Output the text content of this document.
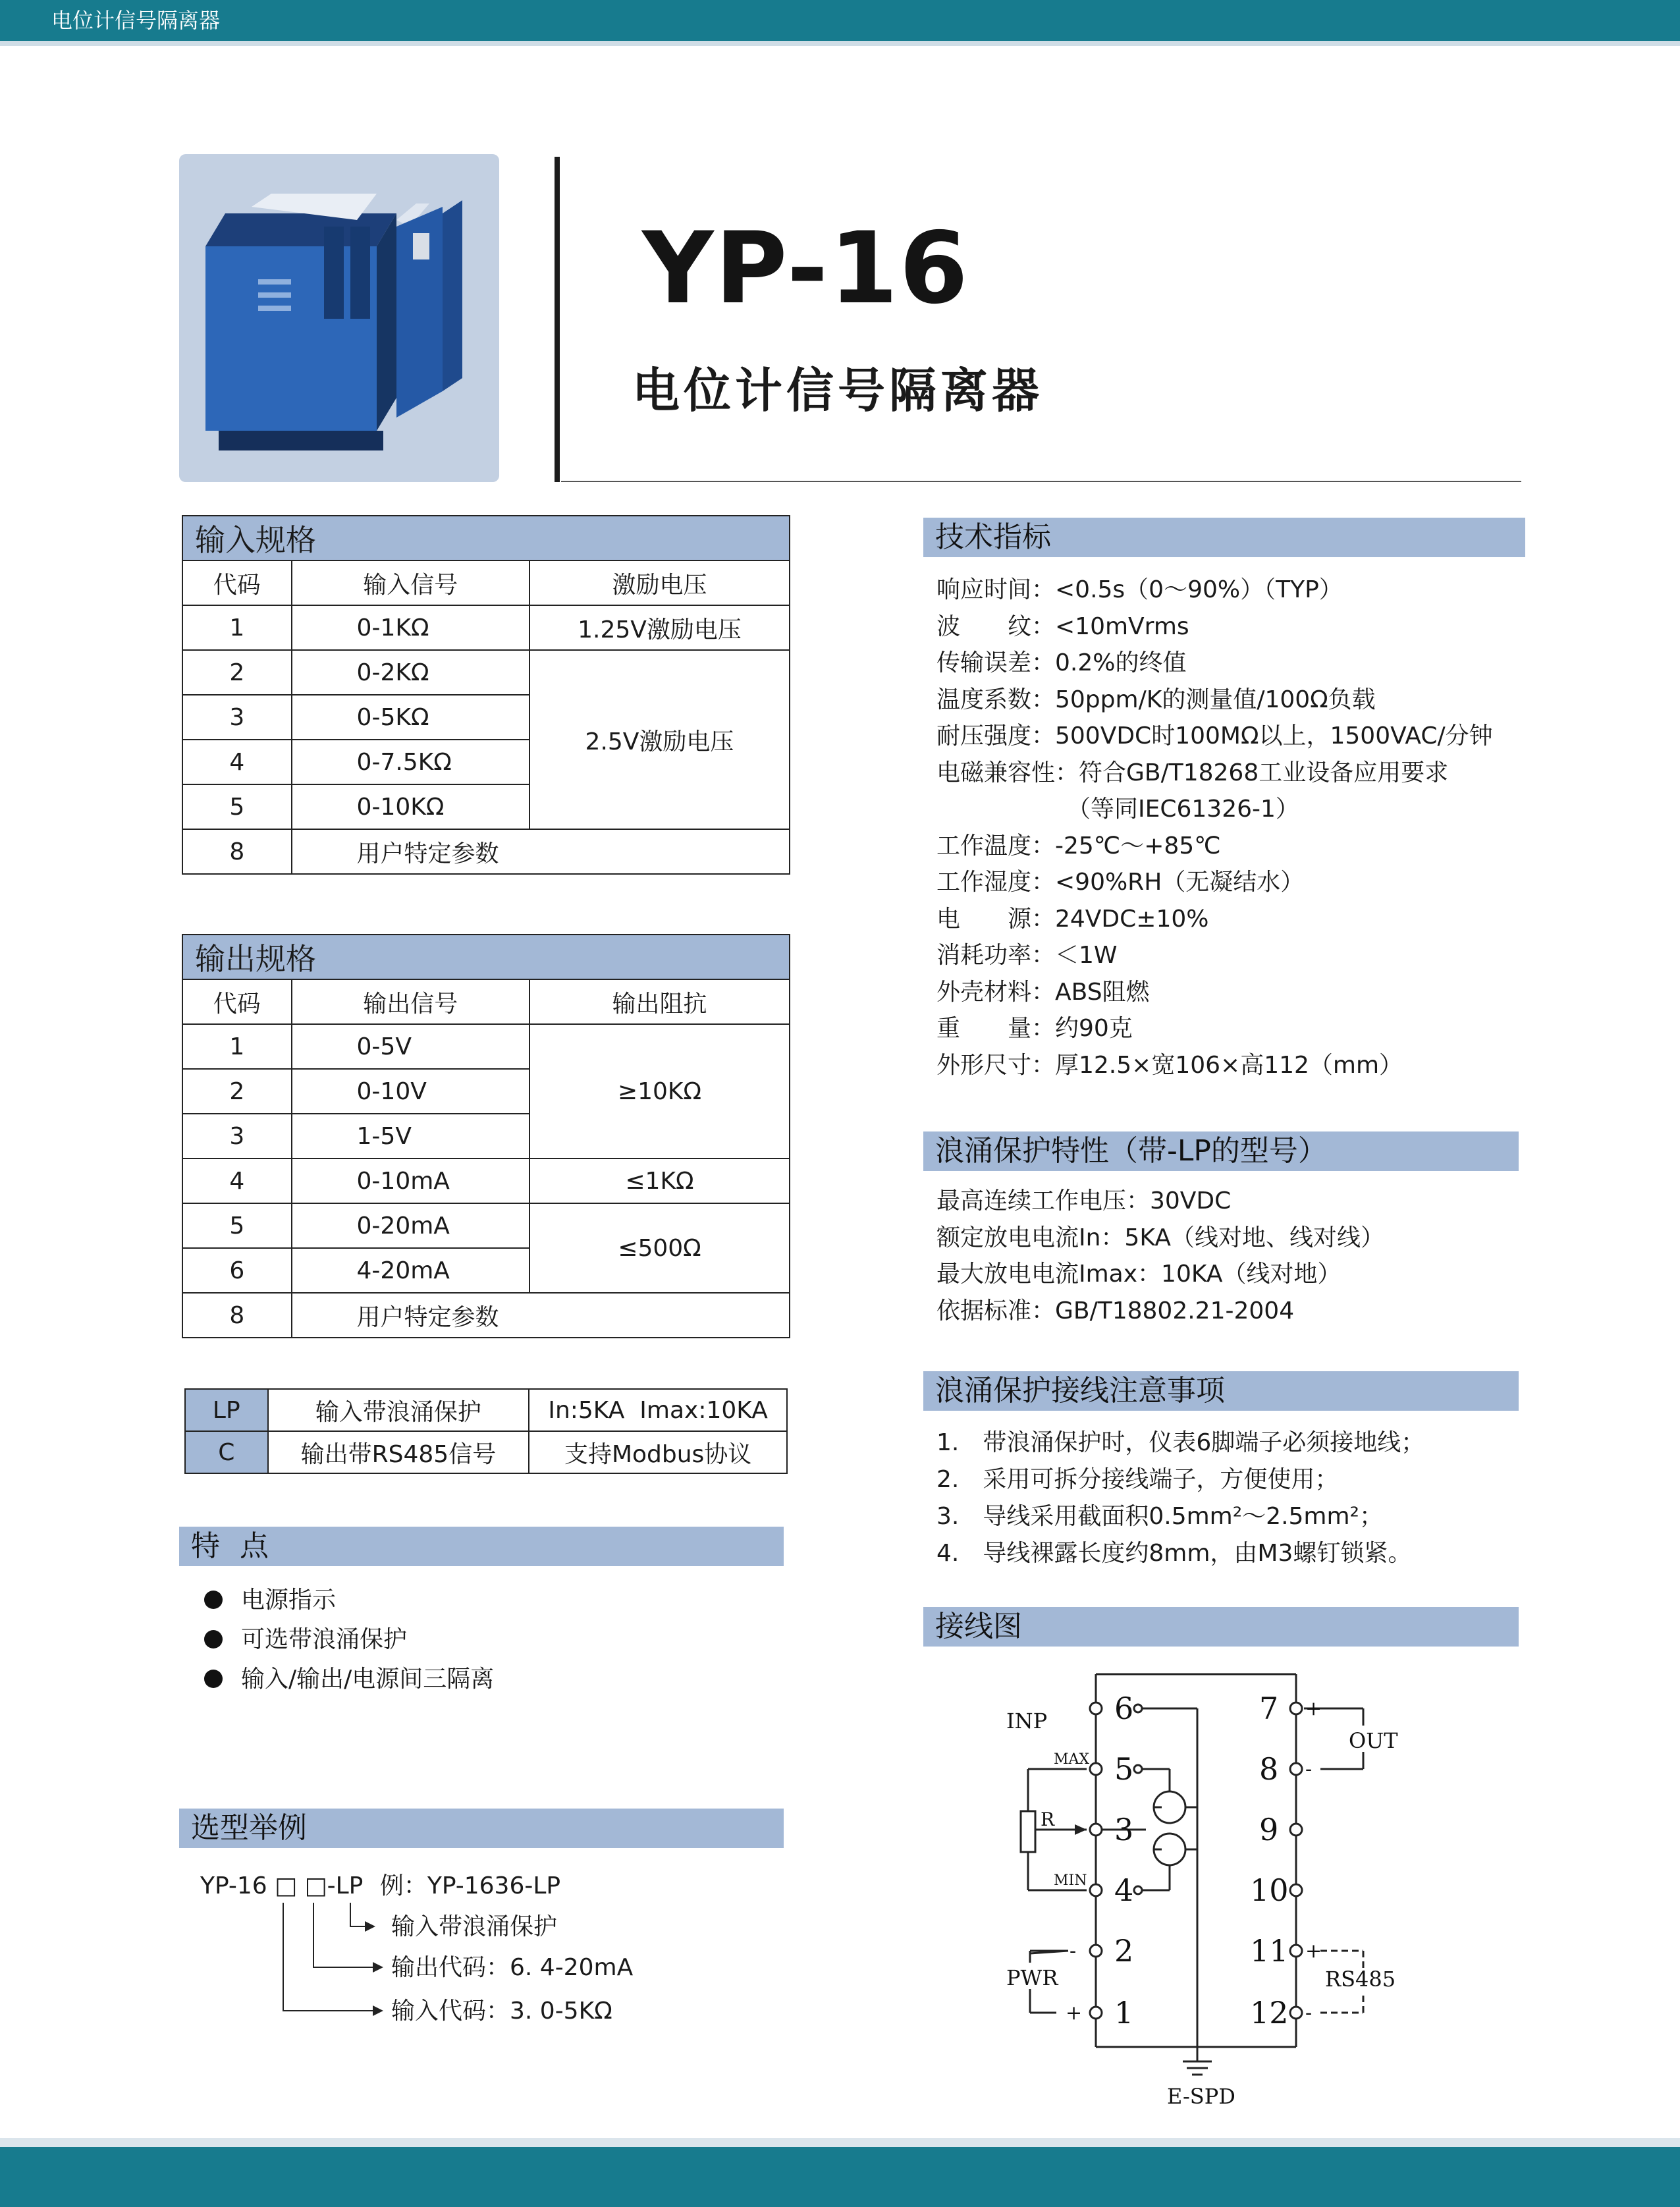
电位计信号隔离器
YP-16
电位计信号隔离器
输入规格		
代码	输入信号	激励电压
1	0-1KΩ	1.25V激励电压
2	0-2KΩ	2.5V激励电压
3	0-5KΩ	
4	0-7.5KΩ	
5	0-10KΩ	
8	用户特定参数	
输出规格		
代码	输出信号	输出阻抗
1	0-5V	≥10KΩ
2	0-10V	
3	1-5V	
4	0-10mA	≤1KΩ
5	0-20mA	≤500Ω
6	4-20mA	
8	用户特定参数	
LP	输入带浪涌保护	In:5KA  Imax:10KA
C	输出带RS485信号	支持Modbus协议
特 点
电源指示
可选带浪涌保护
输入/输出/电源间三隔离
选型举例
YP-16 □ □-LP 例：YP-1636-LP
输入带浪涌保护
输出代码：6. 4-20mA
输入代码：3. 0-5KΩ
技术指标
响应时间：<0.5s（0～90%）（TYP）
波　　纹：<10mVrms
传输误差：0.2%的终值
温度系数：50ppm/K的测量值/100Ω负载
耐压强度：500VDC时100MΩ以上，1500VAC/分钟
电磁兼容性：符合GB/T18268工业设备应用要求
　　　　　　（等同IEC61326-1）
工作温度：-25℃～+85℃
工作湿度：<90%RH（无凝结水）
电　　源：24VDC±10%
消耗功率：＜1W
外壳材料：ABS阻燃
重　　量：约90克
外形尺寸：厚12.5×宽106×高112（mm）
浪涌保护特性（带-LP的型号）
最高连续工作电压：30VDC
额定放电电流In：5KA（线对地、线对线）
最大放电电流Imax：10KA（线对地）
依据标准：GB/T18802.21-2004
浪涌保护接线注意事项
1.　带浪涌保护时，仪表6脚端子必须接地线；
2.　采用可拆分接线端子，方便使用；
3.　导线采用截面积0.5mm²～2.5mm²；
4.　导线裸露长度约8mm，由M3螺钉锁紧。
接线图
6
5
3
4
2
1
7
8
9
10
11
12
+
-
+
-
-
+
INP
PWR
OUT
RS485
E-SPD
MAX
MIN
R
